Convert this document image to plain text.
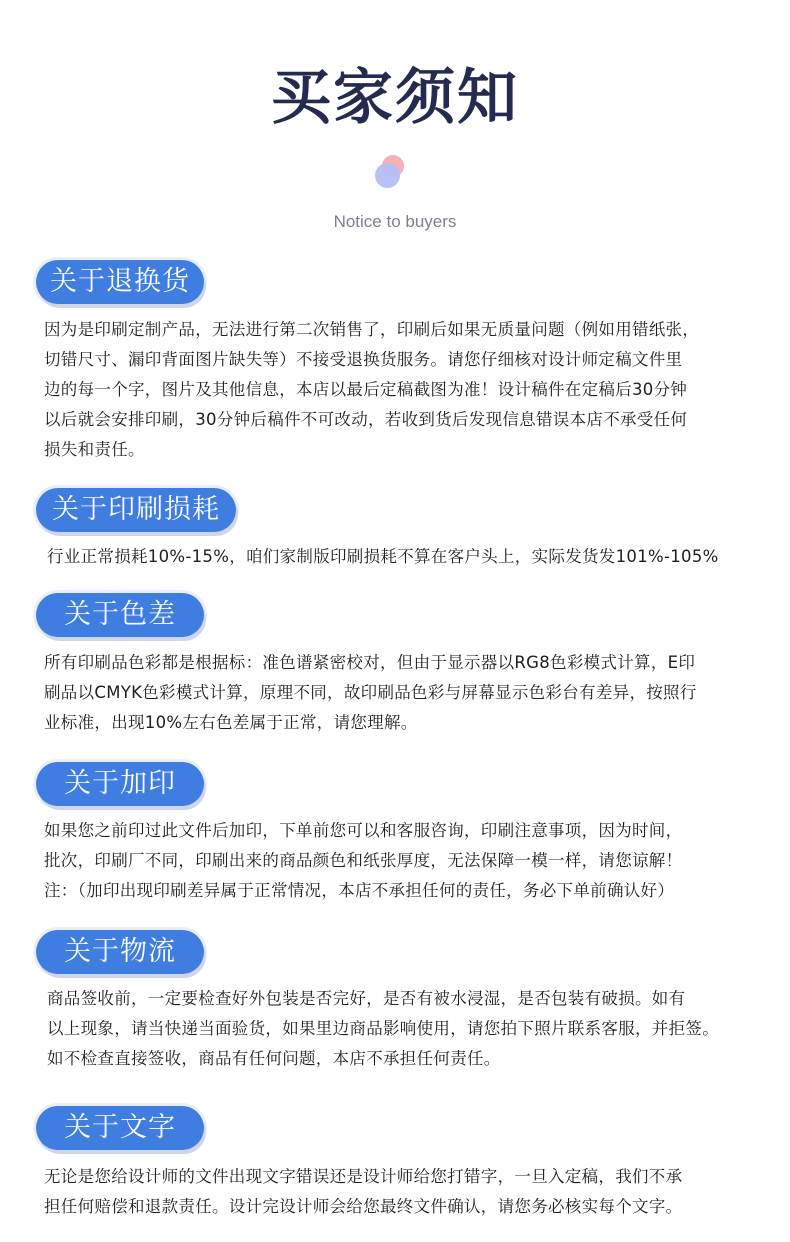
买家须知
Notice to buyers
关于退换货
因为是印刷定制产品，无法进行第二次销售了，印刷后如果无质量问题（例如用错纸张，
切错尺寸、漏印背面图片缺失等）不接受退换货服务。请您仔细核对设计师定稿文件里
边的每一个字，图片及其他信息，本店以最后定稿截图为准！设计稿件在定稿后30分钟
以后就会安排印刷，30分钟后稿件不可改动，若收到货后发现信息错误本店不承受任何
损失和责任。
关于印刷损耗
行业正常损耗10%-15%，咱们家制版印刷损耗不算在客户头上，实际发货发101%-105%
关于色差
所有印刷品色彩都是根据标：准色谱紧密校对，但由于显示器以RG8色彩模式计算，E印
刷品以CMYK色彩模式计算，原理不同，故印刷品色彩与屏幕显示色彩台有差异，按照行
业标准，出现10%左右色差属于正常，请您理解。
关于加印
如果您之前印过此文件后加印，下单前您可以和客服咨询，印刷注意事项，因为时间，
批次，印刷厂不同，印刷出来的商品颜色和纸张厚度，无法保障一模一样，请您谅解！
注：（加印出现印刷差异属于正常情况，本店不承担任何的责任，务必下单前确认好）
关于物流
商品签收前，一定要检查好外包装是否完好，是否有被水浸湿，是否包装有破损。如有
以上现象，请当快递当面验货，如果里边商品影响使用，请您拍下照片联系客服，并拒签。
如不检查直接签收，商品有任何问题，本店不承担任何责任。
关于文字
无论是您给设计师的文件出现文字错误还是设计师给您打错字，一旦入定稿，我们不承
担任何赔偿和退款责任。设计完设计师会给您最终文件确认，请您务必核实每个文字。
